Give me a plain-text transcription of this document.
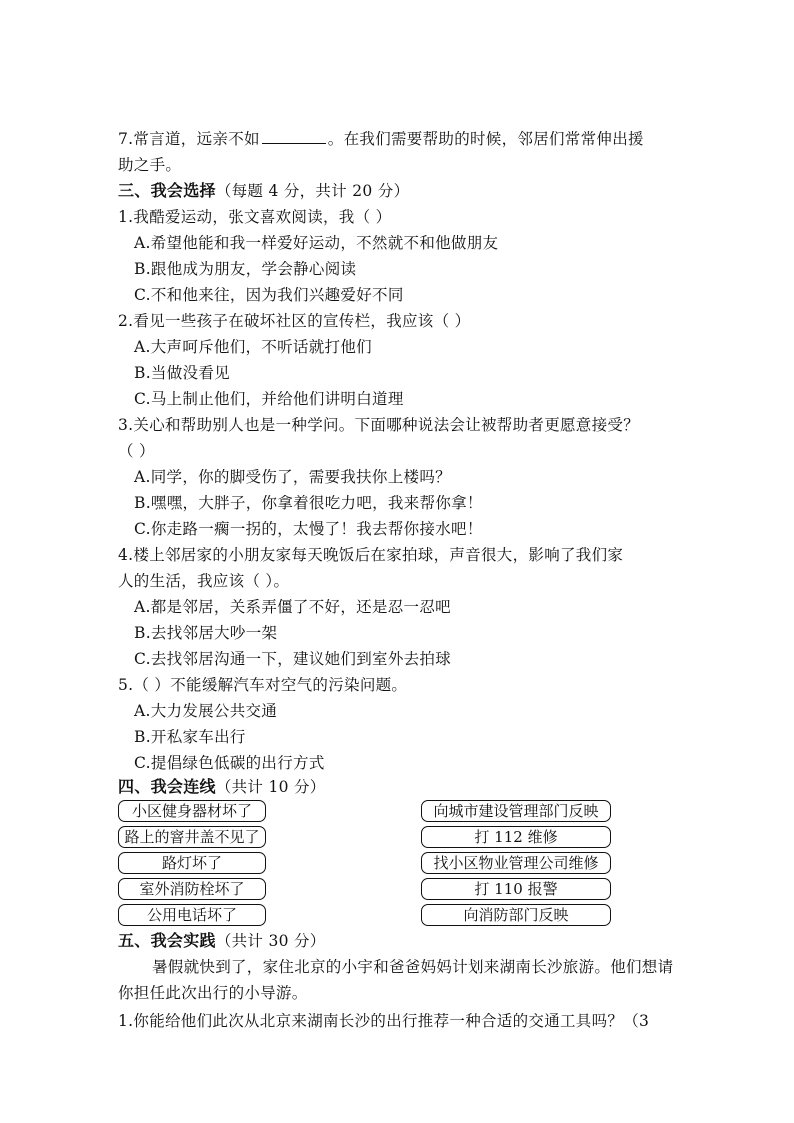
7.常言道，远亲不如	。在我们需要帮助的时候，邻居们常常伸出援
助之手。
三、我会选择（每题 4 分，共计 20 分）
1.我酷爱运动，张文喜欢阅读，我（ ）
A.希望他能和我一样爱好运动，不然就不和他做朋友
B.跟他成为朋友，学会静心阅读
C.不和他来往，因为我们兴趣爱好不同
2.看见一些孩子在破坏社区的宣传栏，我应该（ ）
A.大声呵斥他们，不听话就打他们
B.当做没看见
C.马上制止他们，并给他们讲明白道理
3.关心和帮助别人也是一种学问。下面哪种说法会让被帮助者更愿意接受？
（ ）
A.同学，你的脚受伤了，需要我扶你上楼吗？
B.嘿嘿，大胖子，你拿着很吃力吧，我来帮你拿！
C.你走路一瘸一拐的，太慢了！我去帮你接水吧！
4.楼上邻居家的小朋友家每天晚饭后在家拍球，声音很大，影响了我们家
人的生活，我应该（ ）。
A.都是邻居，关系弄僵了不好，还是忍一忍吧
B.去找邻居大吵一架
C.去找邻居沟通一下，建议她们到室外去拍球
5.（ ）不能缓解汽车对空气的污染问题。
A.大力发展公共交通
B.开私家车出行
C.提倡绿色低碳的出行方式
四、我会连线（共计 10 分）
小区健身器材坏了
路上的窨井盖不见了
路灯坏了
室外消防栓坏了
公用电话坏了
向城市建设管理部门反映
打 112 维修
找小区物业管理公司维修
打 110 报警
向消防部门反映
五、我会实践（共计 30 分）
暑假就快到了，家住北京的小宇和爸爸妈妈计划来湖南长沙旅游。他们想请
你担任此次出行的小导游。
1.你能给他们此次从北京来湖南长沙的出行推荐一种合适的交通工具吗？（3
